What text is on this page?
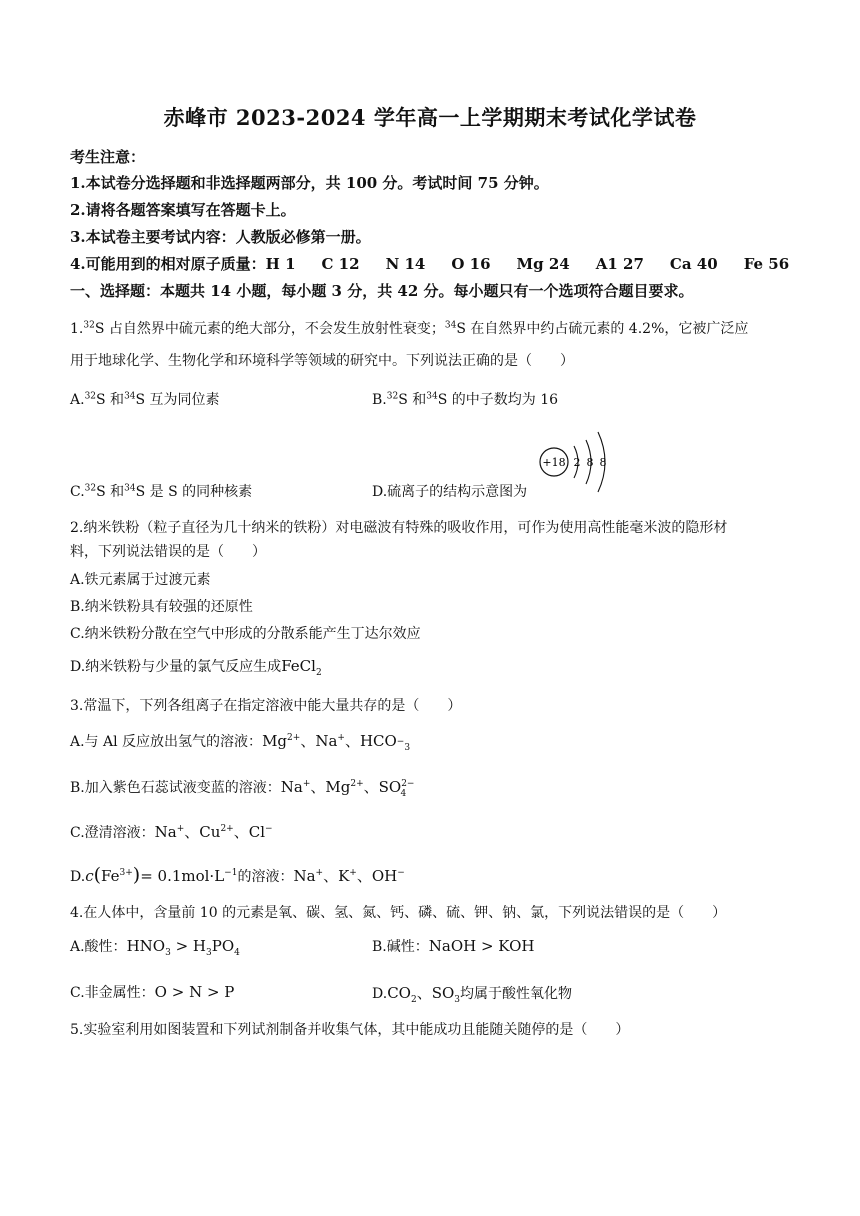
赤峰市 2023-2024 学年高一上学期期末考试化学试卷
考生注意：
1.本试卷分选择题和非选择题两部分，共 100 分。考试时间 75 分钟。
2.请将各题答案填写在答题卡上。
3.本试卷主要考试内容：人教版必修第一册。
4.可能用到的相对原子质量：H 1 C 12 N 14 O 16 Mg 24 A1 27 Ca 40 Fe 56
一、选择题：本题共 14 小题，每小题 3 分，共 42 分。每小题只有一个选项符合题目要求。
1.32S 占自然界中硫元素的绝大部分，不会发生放射性衰变；$^{34}$S 在自然界中约占硫元素的 4.2%，它被广泛应
用于地球化学、生物化学和环境科学等领域的研究中。下列说法正确的是（　　）
A.$^{32}$S 和$^{34}$S 互为同位素	B.$^{32}$S 和$^{34}$S 的中子数均为 16
C.$^{32}$S 和$^{34}$S 是 S 的同种核素	D.硫离子的结构示意图为
+18 2 8 8
2.纳米铁粉（粒子直径为几十纳米的铁粉）对电磁波有特殊的吸收作用，可作为使用高性能毫米波的隐形材
料，下列说法错误的是（　　）
A.铁元素属于过渡元素
B.纳米铁粉具有较强的还原性
C.纳米铁粉分散在空气中形成的分散系能产生丁达尔效应
D.纳米铁粉与少量的氯气反应生成FeCl$_2$
3.常温下，下列各组离子在指定溶液中能大量共存的是（　　）
A.与 Al 反应放出氢气的溶液：$Mg^{2+}$、Na+、$HCO_{-3}$
B.加入紫色石蕊试液变蓝的溶液：Na+、$Mg^{2+}$、$SO^{2-}_4$
C.澄清溶液：Na+、$Cu^{2+}$、Cl−
$D.c(Fe^{3+})= 0.1mol\cdot L^{-1}$的溶液：Na+、K+、OH−
4.在人体中，含量前 10 的元素是氧、碳、氢、氮、钙、磷、硫、钾、钠、氯，下列说法错误的是（　　）
A.酸性：$HNO_3 > H_3PO_4$	B.碱性：NaOH > KOH
C.非金属性：O > N > P	$D.CO_2$、$SO_3$均属于酸性氧化物
5.实验室利用如图装置和下列试剂制备并收集气体，其中能成功且能随关随停的是（　　）
